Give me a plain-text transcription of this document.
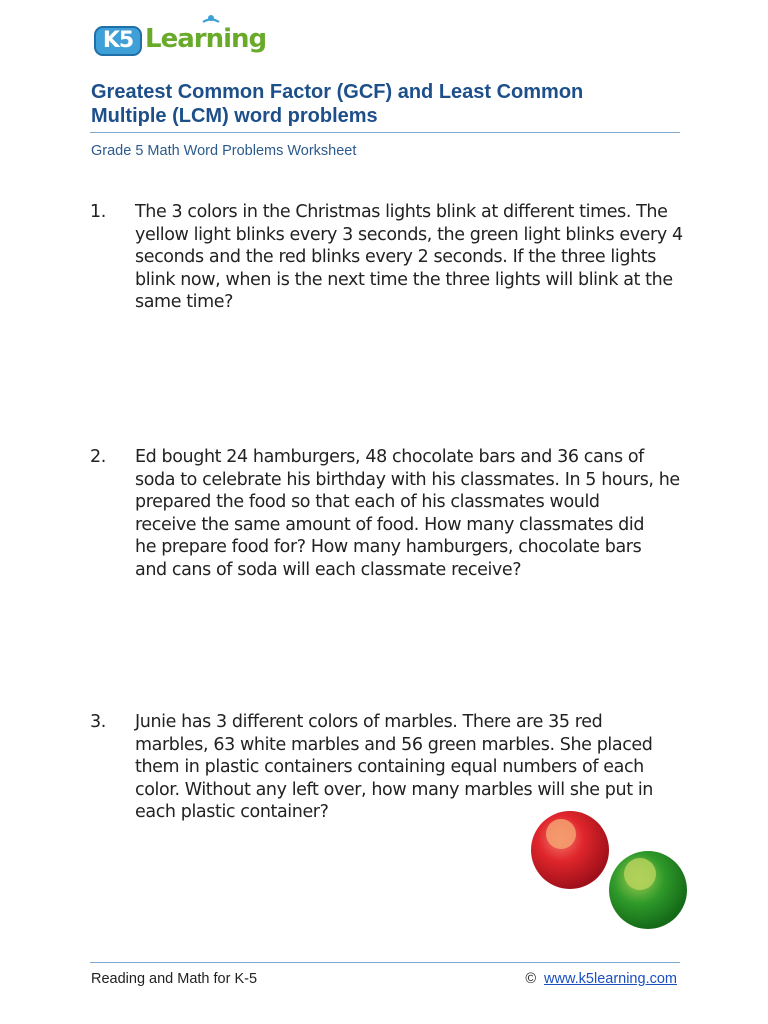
K5 Learning
Greatest Common Factor (GCF) and Least Common
Multiple (LCM) word problems
Grade 5 Math Word Problems Worksheet
1. The 3 colors in the Christmas lights blink at different times. The
yellow light blinks every 3 seconds, the green light blinks every 4
seconds and the red blinks every 2 seconds. If the three lights
blink now, when is the next time the three lights will blink at the
same time?
2. Ed bought 24 hamburgers, 48 chocolate bars and 36 cans of
soda to celebrate his birthday with his classmates. In 5 hours, he
prepared the food so that each of his classmates would
receive the same amount of food. How many classmates did
he prepare food for? How many hamburgers, chocolate bars
and cans of soda will each classmate receive?
3. Junie has 3 different colors of marbles. There are 35 red
marbles, 63 white marbles and 56 green marbles. She placed
them in plastic containers containing equal numbers of each
color. Without any left over, how many marbles will she put in
each plastic container?
Reading and Math for K-5	© www.k5learning.com
